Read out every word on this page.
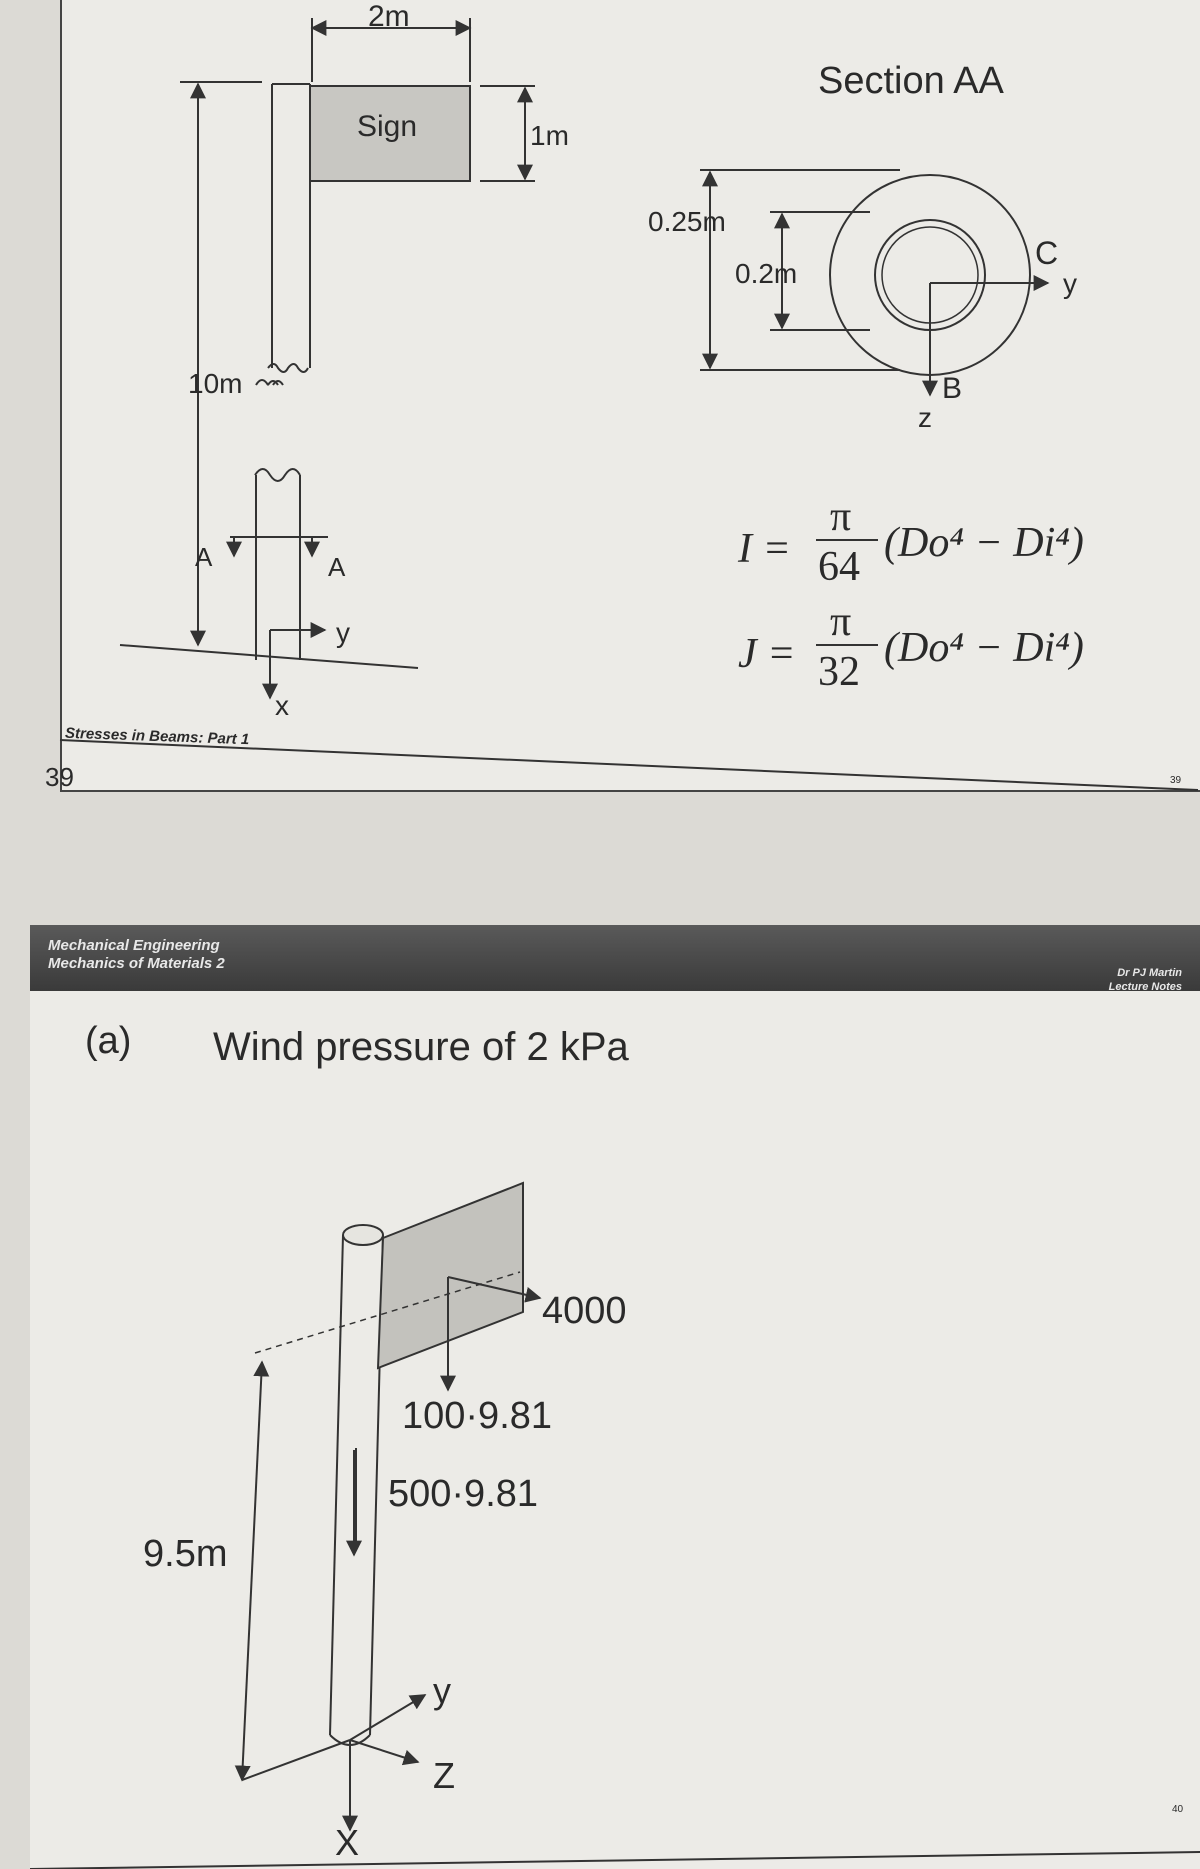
2m
Sign	1m
10m
A	A
y
x
Section AA
0.25m
0.2m
C
y
B
z
I =
π
64
(Do⁴ − Di⁴)
J =
π
32
(Do⁴ − Di⁴)
Stresses in Beams: Part 1
39	39
Mechanical Engineering
Mechanics of Materials 2
Dr PJ Martin
Lecture Notes
(a) Wind pressure of 2 kPa
4000
100·9.81
500·9.81
9.5m
y
Z
X
40
